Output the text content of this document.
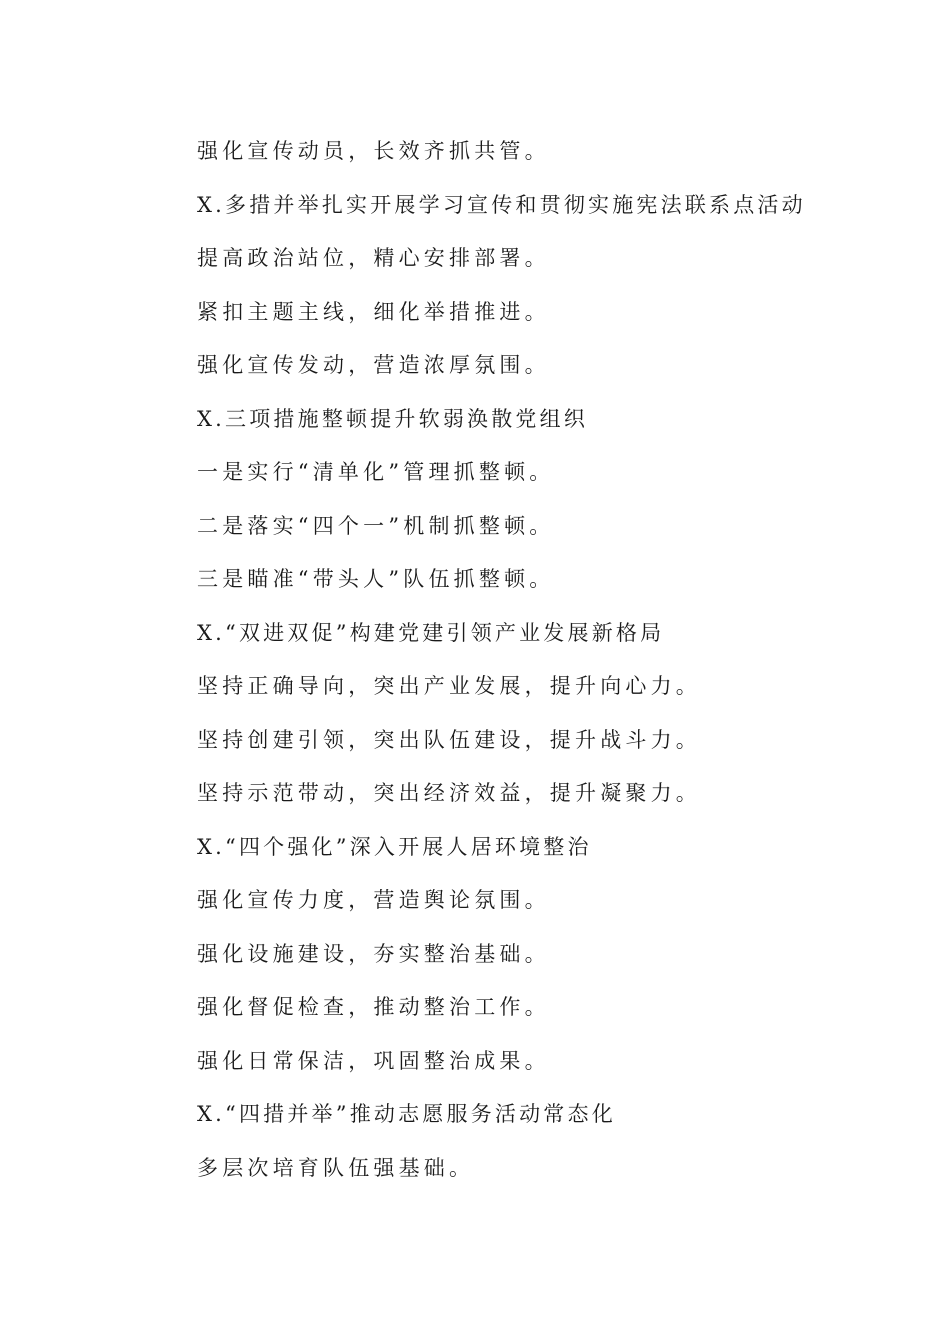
强化宣传动员，长效齐抓共管。
X.多措并举扎实开展学习宣传和贯彻实施宪法联系点活动
提高政治站位，精心安排部署。
紧扣主题主线，细化举措推进。
强化宣传发动，营造浓厚氛围。
X.三项措施整顿提升软弱涣散党组织
一是实行“清单化”管理抓整顿。
二是落实“四个一”机制抓整顿。
三是瞄准“带头人”队伍抓整顿。
X.“双进双促”构建党建引领产业发展新格局
坚持正确导向，突出产业发展，提升向心力。
坚持创建引领，突出队伍建设，提升战斗力。
坚持示范带动，突出经济效益，提升凝聚力。
X.“四个强化”深入开展人居环境整治
强化宣传力度，营造舆论氛围。
强化设施建设，夯实整治基础。
强化督促检查，推动整治工作。
强化日常保洁，巩固整治成果。
X.“四措并举”推动志愿服务活动常态化
多层次培育队伍强基础。
